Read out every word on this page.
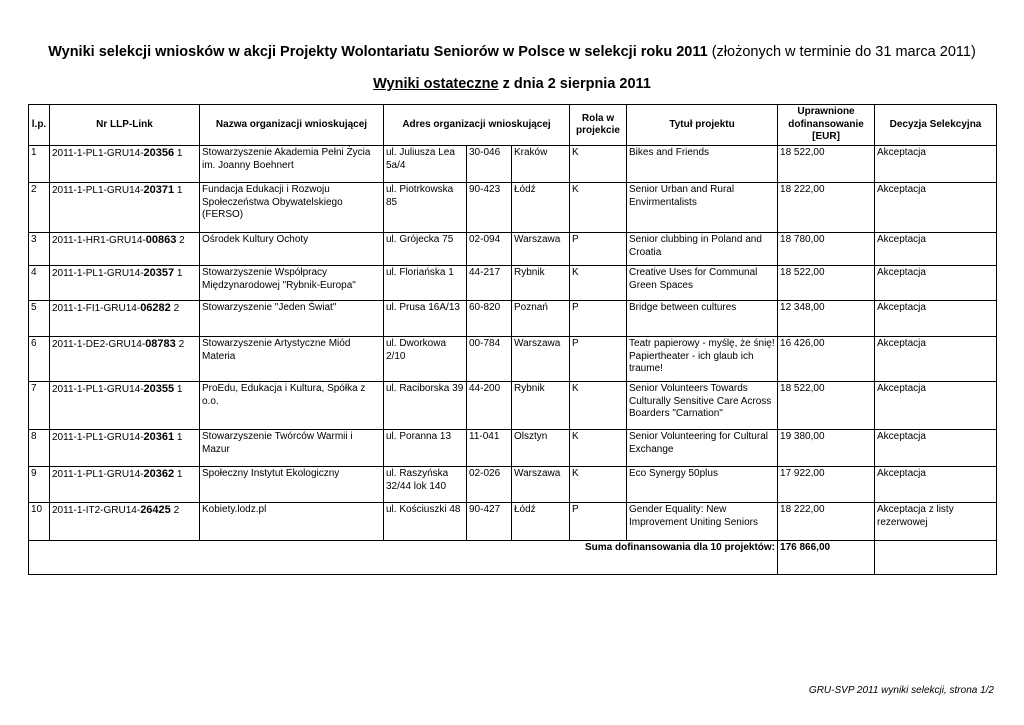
Wyniki selekcji wniosków w akcji Projekty Wolontariatu Seniorów w Polsce w selekcji roku 2011 (złożonych w terminie do 31 marca 2011)
Wyniki ostateczne z dnia 2 sierpnia 2011
l.p.	Nr LLP-Link	Nazwa organizacji wnioskującej	Adres organizacji wnioskującej			Rola w projekcie	Tytuł projektu	Uprawnione dofinansowanie [EUR]	Decyzja Selekcyjna
1	2011-1-PL1-GRU14-20356 1	Stowarzyszenie Akademia Pełni Życia im. Joanny Boehnert	ul. Juliusza Lea 5a/4	30-046	Kraków	K	Bikes and Friends	18 522,00	Akceptacja
2	2011-1-PL1-GRU14-20371 1	Fundacja Edukacji i Rozwoju Społeczeństwa Obywatelskiego (FERSO)	ul. Piotrkowska 85	90-423	Łódź	K	Senior Urban and Rural Envirmentalists	18 222,00	Akceptacja
3	2011-1-HR1-GRU14-00863 2	Ośrodek Kultury Ochoty	ul. Grójecka 75	02-094	Warszawa	P	Senior clubbing in Poland and Croatia	18 780,00	Akceptacja
4	2011-1-PL1-GRU14-20357 1	Stowarzyszenie Współpracy Międzynarodowej "Rybnik-Europa"	ul. Floriańska 1	44-217	Rybnik	K	Creative Uses for Communal Green Spaces	18 522,00	Akceptacja
5	2011-1-FI1-GRU14-06282 2	Stowarzyszenie "Jeden Świat"	ul. Prusa 16A/13	60-820	Poznań	P	Bridge between cultures	12 348,00	Akceptacja
6	2011-1-DE2-GRU14-08783 2	Stowarzyszenie Artystyczne Miód Materia	ul. Dworkowa 2/10	00-784	Warszawa	P	Teatr papierowy - myślę, że śnię! Papiertheater - ich glaub ich traume!	16 426,00	Akceptacja
7	2011-1-PL1-GRU14-20355 1	ProEdu, Edukacja i Kultura, Spółka z o.o.	ul. Raciborska 39	44-200	Rybnik	K	Senior Volunteers Towards Culturally Sensitive Care Across Boarders "Carnation"	18 522,00	Akceptacja
8	2011-1-PL1-GRU14-20361 1	Stowarzyszenie Twórców Warmii i Mazur	ul. Poranna 13	11-041	Olsztyn	K	Senior Volunteering for Cultural Exchange	19 380,00	Akceptacja
9	2011-1-PL1-GRU14-20362 1	Społeczny Instytut Ekologiczny	ul. Raszyńska 32/44 lok 140	02-026	Warszawa	K	Eco Synergy 50plus	17 922,00	Akceptacja
10	2011-1-IT2-GRU14-26425 2	Kobiety.lodz.pl	ul. Kościuszki 48	90-427	Łódź	P	Gender Equality: New Improvement Uniting Seniors	18 222,00	Akceptacja z listy rezerwowej
Suma dofinansowania dla 10 projektów:								176 866,00	
GRU-SVP 2011 wyniki selekcji, strona 1/2
